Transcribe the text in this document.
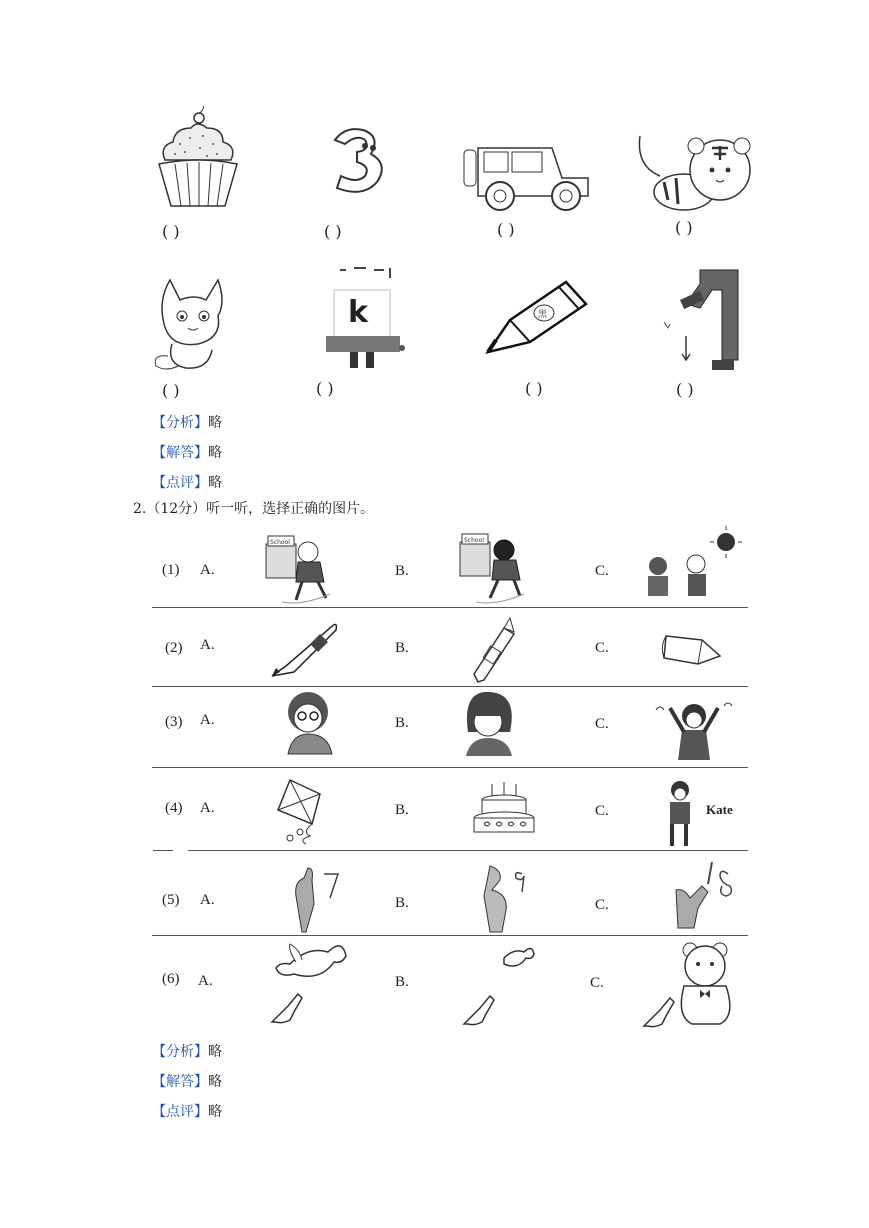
( )	( )	( )	( )
k	黑
( )	( )	( )	( )
【分析】略
【解答】略
【点评】略
2.（12分）听一听，选择正确的图片。
(1) A.	B.	C.
School	School
(2) A.	B.	C.
(3) A.	B.	C.
(4) A.	B.	C.	Kate
(5) A.	B.	C.
(6) A.	B.	C.
【分析】略
【解答】略
【点评】略
